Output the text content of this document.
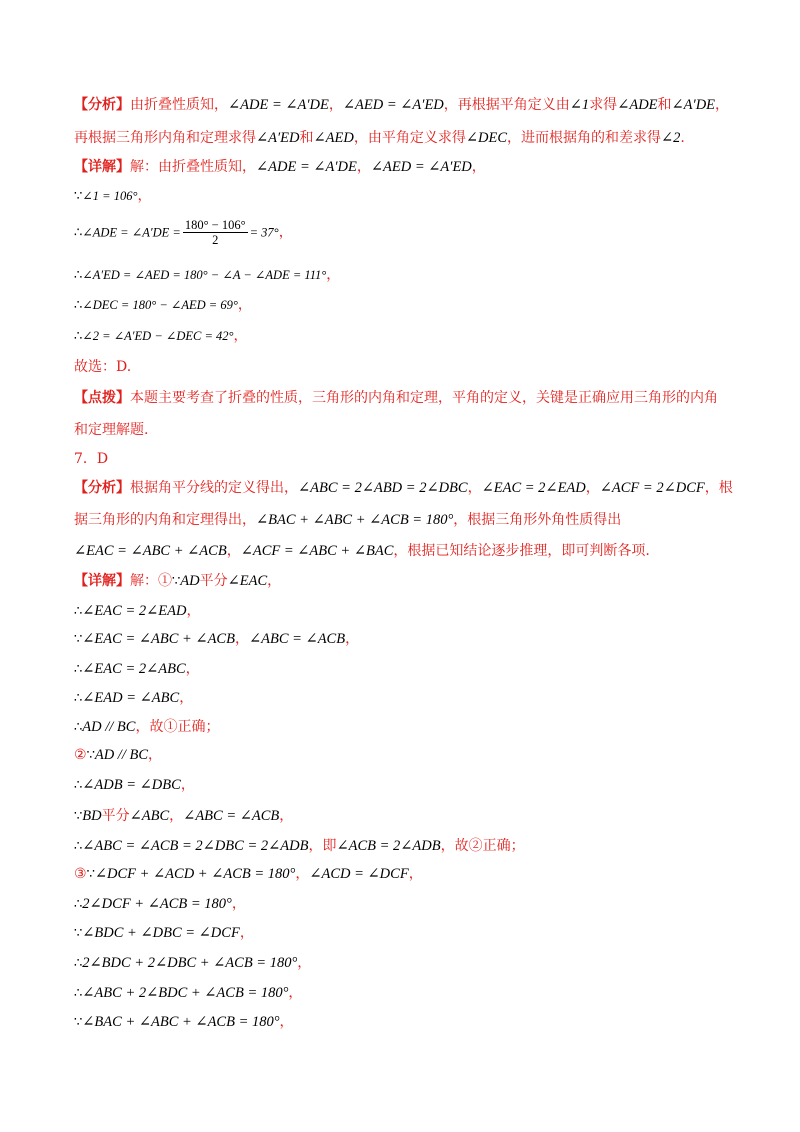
【分析】由折叠性质知，∠ADE = ∠A′DE，∠AED = ∠A′ED，再根据平角定义由∠1求得∠ADE和∠A′DE，
再根据三角形内角和定理求得∠A′ED和∠AED，由平角定义求得∠DEC，进而根据角的和差求得∠2.
【详解】解：由折叠性质知，∠ADE = ∠A′DE，∠AED = ∠A′ED，
∵∠1 = 106°，
∴∠ADE = ∠A′DE = $\frac{180^\circ - 106^\circ}{2} = 37^\circ$，
∴∠A′ED = ∠AED = 180° − ∠A − ∠ADE = 111°，
∴∠DEC = 180° − ∠AED = 69°，
∴∠2 = ∠A′ED − ∠DEC = 42°，
故选：D.
【点拨】本题主要考查了折叠的性质，三角形的内角和定理，平角的定义，关键是正确应用三角形的内角
和定理解题.
7．D
【分析】根据角平分线的定义得出，∠ABC = 2∠ABD = 2∠DBC，∠EAC = 2∠EAD，∠ACF = 2∠DCF，根
据三角形的内角和定理得出，∠BAC + ∠ABC + ∠ACB = 180°，根据三角形外角性质得出
∠EAC = ∠ABC + ∠ACB，∠ACF = ∠ABC + ∠BAC，根据已知结论逐步推理，即可判断各项.
【详解】解：①∵AD平分∠EAC，
∴∠EAC = 2∠EAD，
∵∠EAC = ∠ABC + ∠ACB，∠ABC = ∠ACB，
∴∠EAC = 2∠ABC，
∴∠EAD = ∠ABC，
∴AD // BC，故①正确；
②∵AD // BC，
∴∠ADB = ∠DBC，
∵BD平分∠ABC，∠ABC = ∠ACB，
∴∠ABC = ∠ACB = 2∠DBC = 2∠ADB，即∠ACB = 2∠ADB，故②正确；
③∵∠DCF + ∠ACD + ∠ACB = 180°，∠ACD = ∠DCF，
∴2∠DCF + ∠ACB = 180°，
∵∠BDC + ∠DBC = ∠DCF，
∴2∠BDC + 2∠DBC + ∠ACB = 180°，
∴∠ABC + 2∠BDC + ∠ACB = 180°，
∵∠BAC + ∠ABC + ∠ACB = 180°，
